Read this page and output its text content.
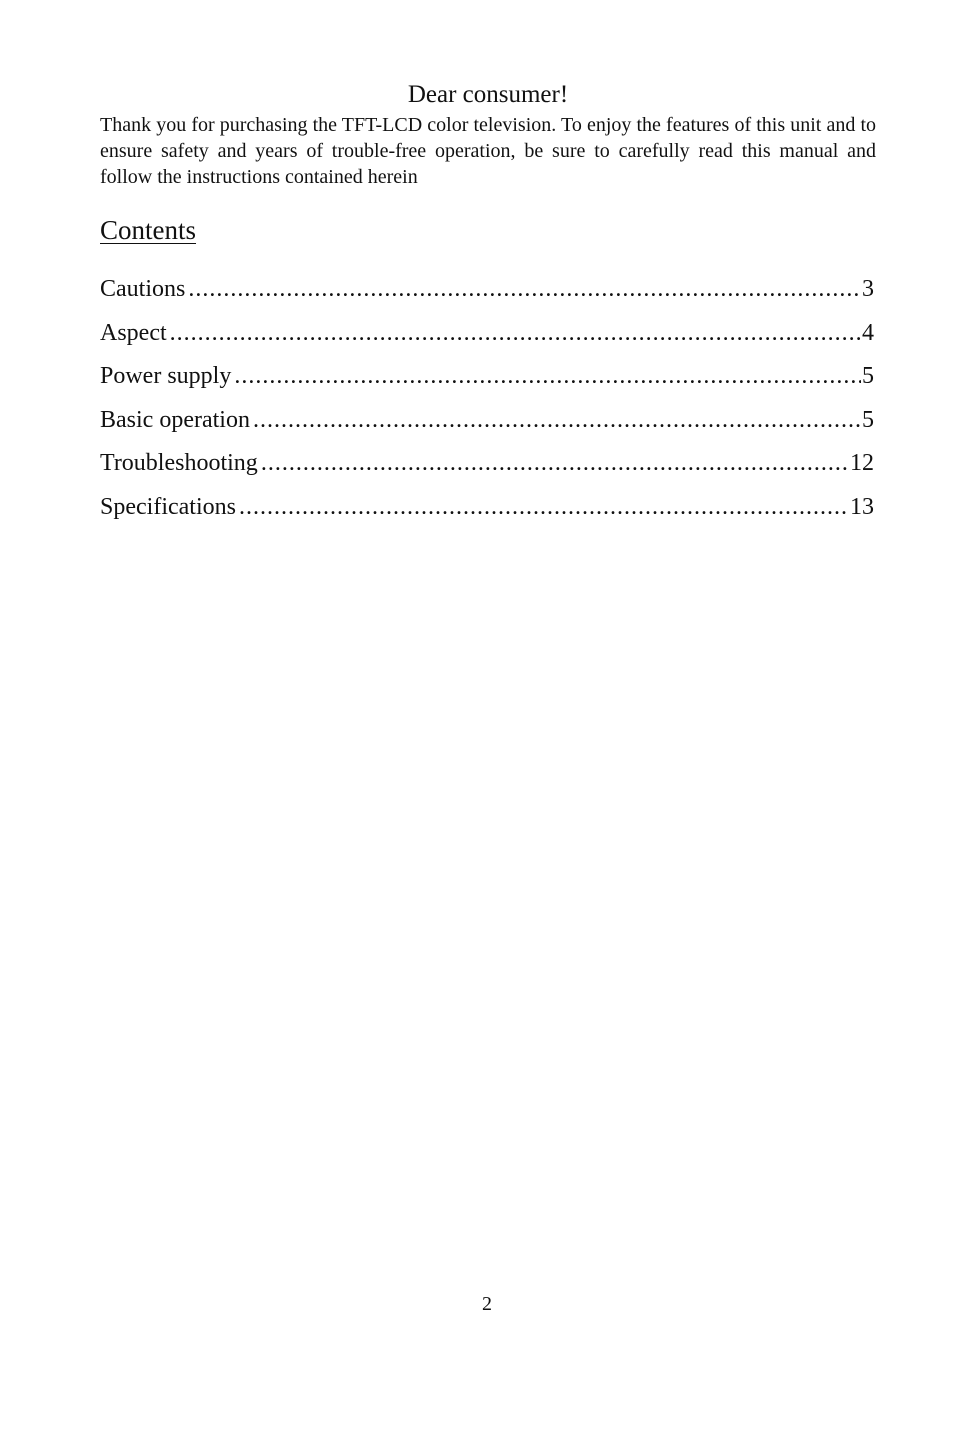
Dear consumer!

Thank you for purchasing the TFT-LCD color television. To enjoy the features of this unit and to ensure safety and years of trouble-free operation, be sure to carefully read this manual and follow the instructions contained herein

Contents
Cautions .....	3
Aspect .....	4
Power supply .....	5
Basic operation .....	5
Troubleshooting .....	12
Specifications .....	13
2
